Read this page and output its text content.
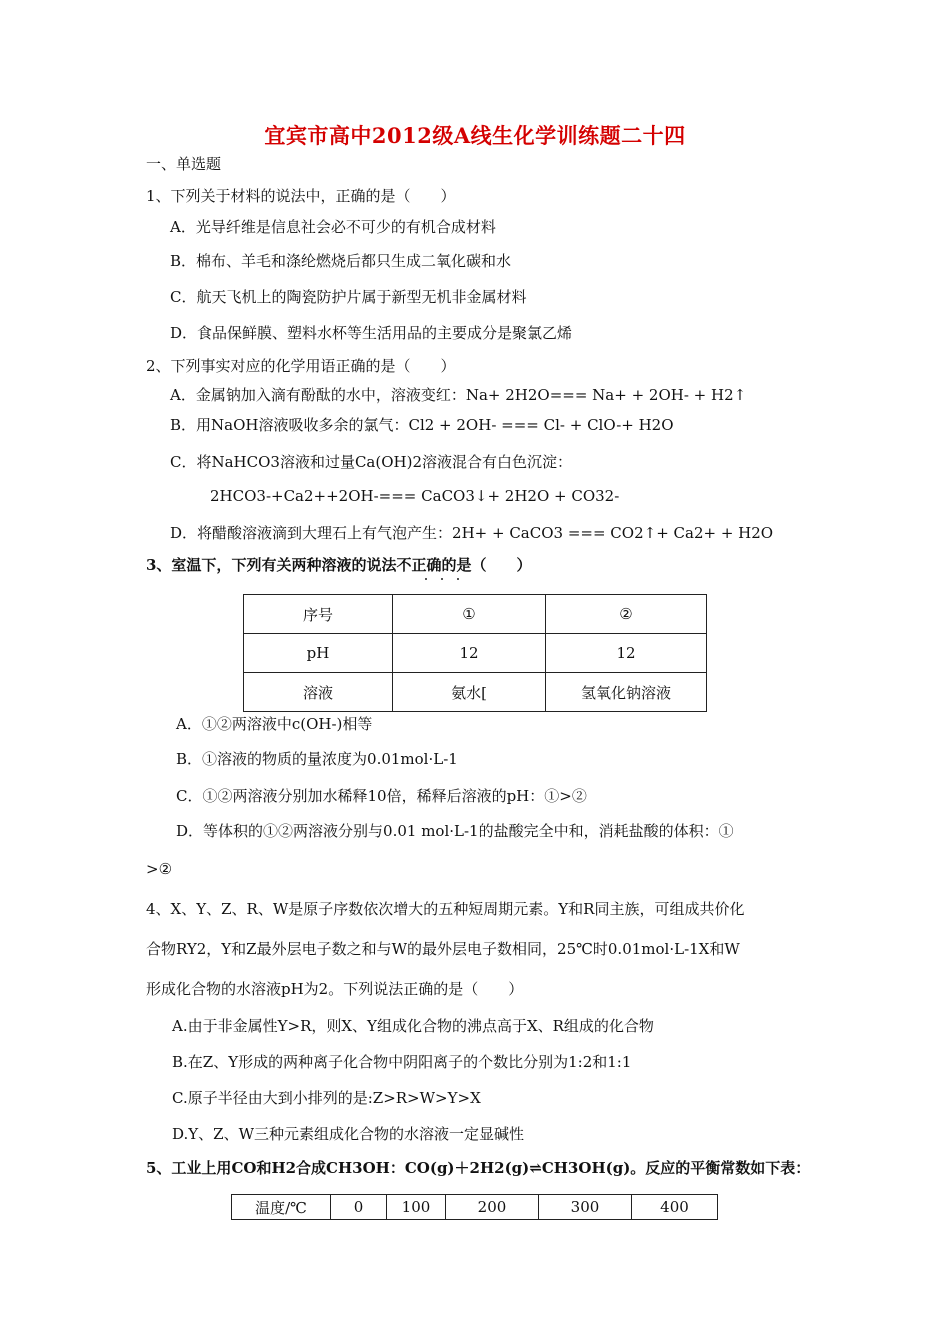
宜宾市高中2012级A线生化学训练题二十四
一、单选题
1、下列关于材料的说法中，正确的是（　　）
A．光导纤维是信息社会必不可少的有机合成材料
B．棉布、羊毛和涤纶燃烧后都只生成二氧化碳和水
C．航天飞机上的陶瓷防护片属于新型无机非金属材料
D．食品保鲜膜、塑料水杯等生活用品的主要成分是聚氯乙烯
2、下列事实对应的化学用语正确的是（　　）
A．金属钠加入滴有酚酞的水中，溶液变红：Na+ 2H2O=== Na+ + 2OH- + H2↑
B．用NaOH溶液吸收多余的氯气：Cl2 + 2OH- === Cl- + ClO-+ H2O
C．将NaHCO3溶液和过量Ca(OH)2溶液混合有白色沉淀：
2HCO3-+Ca2++2OH-=== CaCO3↓+ 2H2O + CO32-
D．将醋酸溶液滴到大理石上有气泡产生：2H+ + CaCO3 === CO2↑+ Ca2+ + H2O
3、室温下，下列有关两种溶液的说法不正确的是（　　）
序号	①	②
pH	12	12
溶液	氨水[	氢氧化钠溶液
A．①②两溶液中c(OH-)相等
B．①溶液的物质的量浓度为0.01mol·L-1
C．①②两溶液分别加水稀释10倍，稀释后溶液的pH：①>②
D．等体积的①②两溶液分别与0.01 mol·L-1的盐酸完全中和，消耗盐酸的体积：①
>②
4、X、Y、Z、R、W是原子序数依次增大的五种短周期元素。Y和R同主族，可组成共价化
合物RY2，Y和Z最外层电子数之和与W的最外层电子数相同，25℃时0.01mol·L-1X和W
形成化合物的水溶液pH为2。下列说法正确的是（　　）
A.由于非金属性Y>R，则X、Y组成化合物的沸点高于X、R组成的化合物
B.在Z、Y形成的两种离子化合物中阴阳离子的个数比分别为1:2和1:1
C.原子半径由大到小排列的是:Z>R>W>Y>X
D.Y、Z、W三种元素组成化合物的水溶液一定显碱性
5、工业上用CO和H2合成CH3OH：CO(g)＋2H2(g)⇌CH3OH(g)。反应的平衡常数如下表：
温度/℃	0	100	200	300	400
